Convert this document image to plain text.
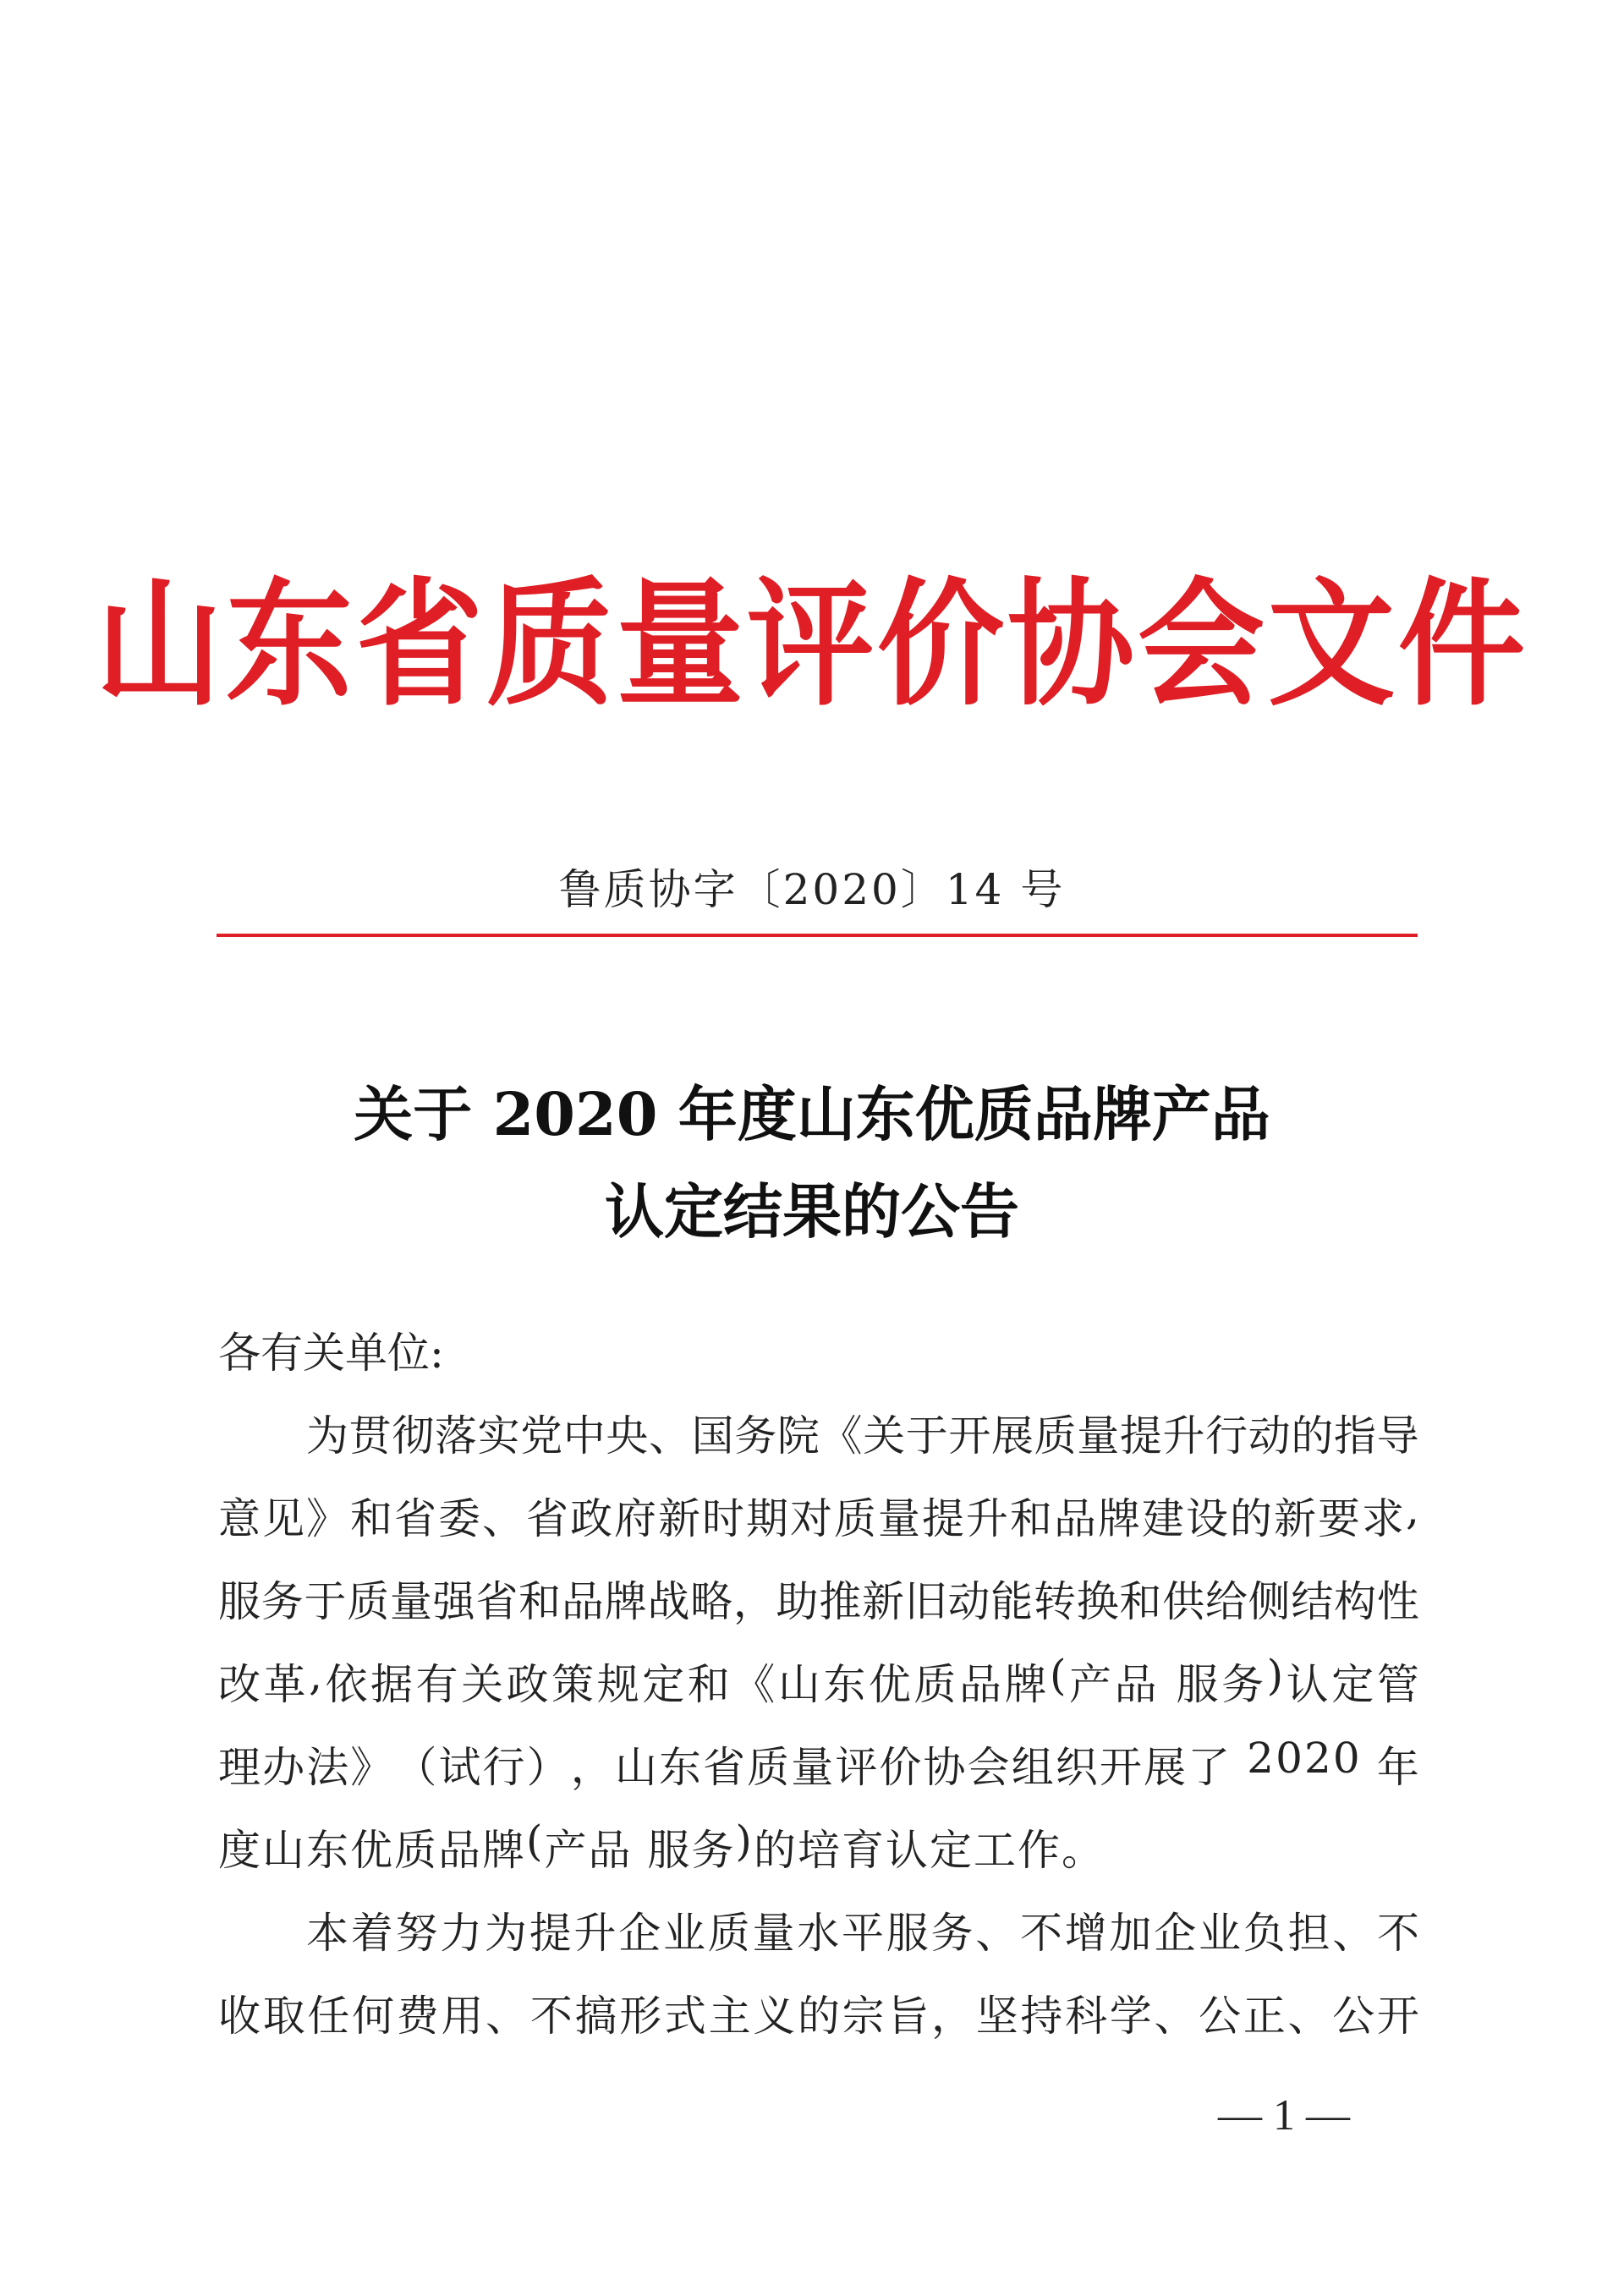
山东省质量评价协会文件
鲁质协字〔2020〕14 号
关于 2020 年度山东优质品牌产品
认定结果的公告
各有关单位:
为 贯 彻 落 实 党 中 央 、 国 务 院 《 关 于 开 展 质 量 提 升 行 动 的 指 导
意 见 》 和 省 委 、 省 政 府 新 时 期 对 质 量 提 升 和 品 牌 建 设 的 新 要 求 ,
服 务 于 质 量 强 省 和 品 牌 战 略 ， 助 推 新 旧 动 能 转 换 和 供 给 侧 结 构 性
改 革 , 依 据 有 关 政 策 规 定 和 《 山 东 优 质 品 牌 ( 产 品
服 务 ) 认 定 管
理 办 法 》 （ 试 行 ） ， 山 东 省 质 量 评 价 协 会 组 织 开 展 了
2 0 2 0
年
度 山 东 优 质 品 牌 ( 产 品
服 务 ) 的 培 育 认 定 工 作 。
本 着 努 力 为 提 升 企 业 质 量 水 平 服 务 、 不 增 加 企 业 负 担 、 不
收 取 任 何 费 用 、 不 搞 形 式 主 义 的 宗 旨 ， 坚 持 科 学 、 公 正 、 公 开
— 1 —
